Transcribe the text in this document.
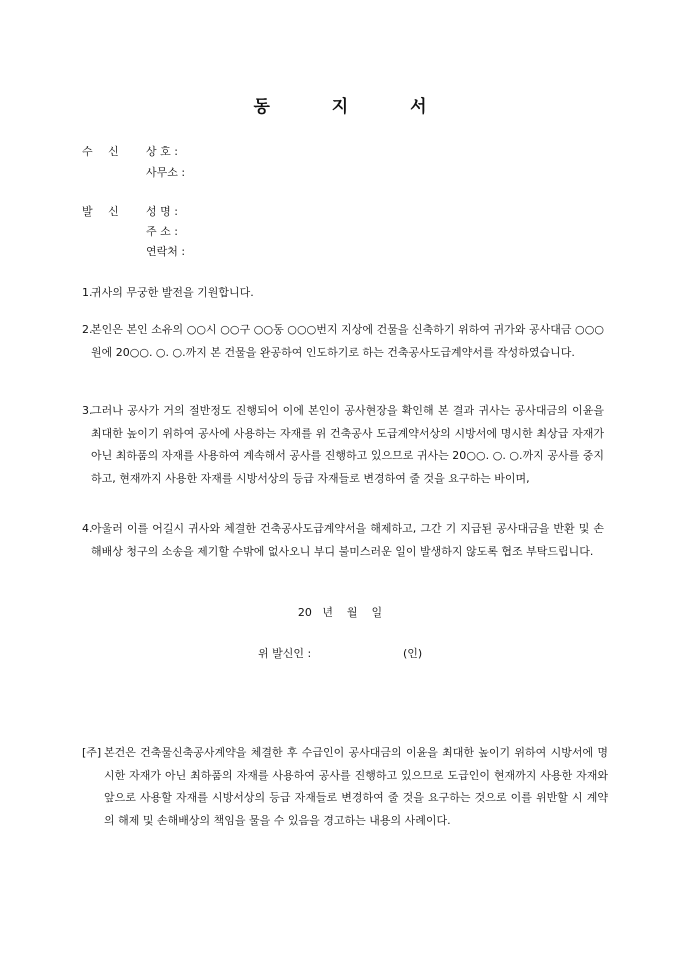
동 지 서
수 신 상 호 :
사무소 :
발 신 성 명 :
주 소 :
연락처 :
1.
귀사의 무궁한 발전을 기원합니다.
2.
본인은 본인 소유의 ○○시 ○○구 ○○동 ○○○번지 지상에 건물을 신축하기 위하여 귀가와 공사대금 ○○○원에 20○○. ○. ○.까지 본 건물을 완공하여 인도하기로 하는 건축공사도급계약서를 작성하였습니다.
3.
그러나 공사가 거의 절반정도 진행되어 이에 본인이 공사현장을 확인해 본 결과 귀사는 공사대금의 이윤을 최대한 높이기 위하여 공사에 사용하는 자재를 위 건축공사 도급계약서상의 시방서에 명시한 최상급 자재가 아닌 최하품의 자재를 사용하여 계속해서 공사를 진행하고 있으므로 귀사는 20○○. ○. ○.까지 공사를 중지하고, 현재까지 사용한 자재를 시방서상의 등급 자재들로 변경하여 줄 것을 요구하는 바이며,
4.
아울러 이를 어길시 귀사와 체결한 건축공사도급계약서을 해제하고, 그간 기 지급된 공사대금을 반환 및 손해배상 청구의 소송을 제기할 수밖에 없사오니 부디 불미스러운 일이 발생하지 않도록 협조 부탁드립니다.
20   년    월    일
위 발신인 :	(인)
[주] 본건은 건축물신축공사계약을 체결한 후 수급인이 공사대금의 이윤을 최대한 높이기 위하여 시방서에 명시한 자재가 아닌 최하품의 자재를 사용하여 공사를 진행하고 있으므로 도급인이 현재까지 사용한 자재와 앞으로 사용할 자재를 시방서상의 등급 자재들로 변경하여 줄 것을 요구하는 것으로 이를 위반할 시 계약의 해제 및 손해배상의 책임을 물을 수 있음을 경고하는 내용의 사례이다.
